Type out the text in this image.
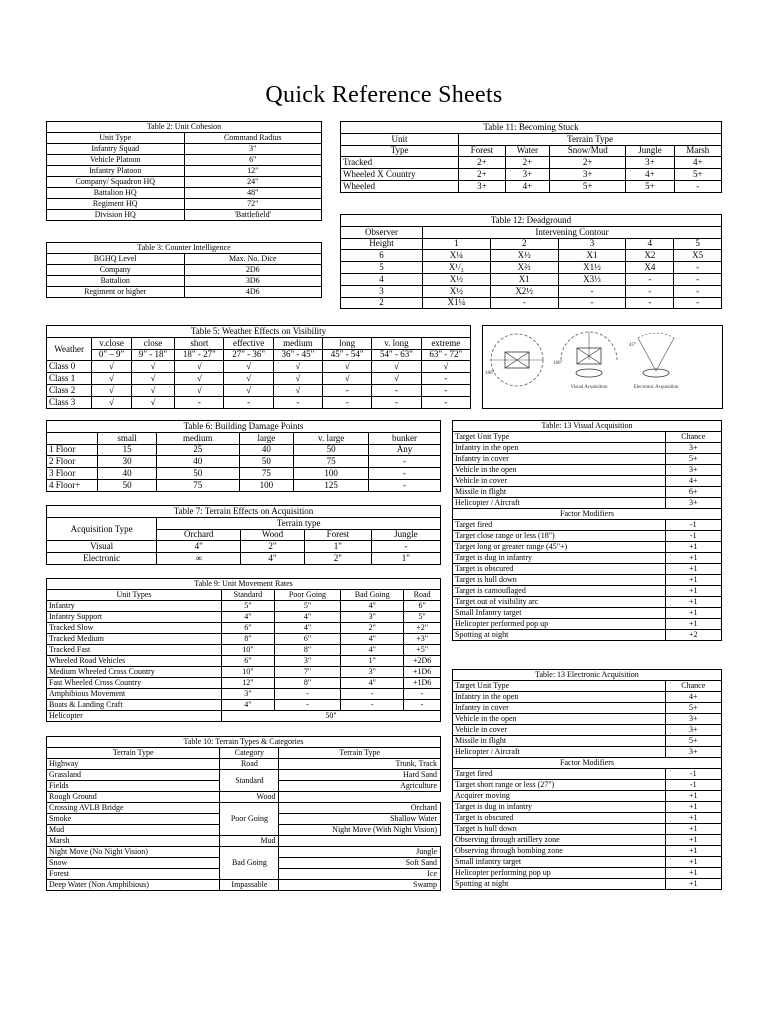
Quick Reference Sheets
Table 2: Unit Cohesion	
Unit Type	Command Radius
Infantry Squad	3"
Vehicle Platoon	6"
Infantry Platoon	12"
Company/ Squadron HQ	24"
Battalion HQ	48"
Regiment HQ	72"
Division HQ	'Battlefield'
Table 3: Counter Intelligence	
BGHQ Level	Max. No. Dice
Company	2D6
Battalion	3D6
Regiment or higher	4D6
Table 11: Becoming Stuck					
Unit	Terrain Type				
Type	Forest	Water	Snow/Mud	Jungle	Marsh
Tracked	2+	2+	2+	3+	4+
Wheeled X Country	2+	3+	3+	4+	5+
Wheeled	3+	4+	5+	5+	-
Table 12: Deadground					
Observer	Intervening Contour				
Height	1	2	3	4	5
6	X¼	X½	X1	X2	X5
5	X¹/₃	X⅔	X1½	X4	-
4	X½	X1	X3⅓	-	-
3	X½	X2½	-	-	-
2	X1¼	-	-	-	-
Table 5: Weather Effects on Visibility								
Weather	v.close	close	short	effective	medium	long	v. long	extreme
	0" – 9"	9" - 18"	18" - 27"	27" - 36"	36" - 45"	45" - 54"	54" - 63"	63" - 72"
Class 0	√	√	√	√	√	√	√	√
Class 1	√	√	√	√	√	√	√	-
Class 2	√	√	√	√	√	-	-	-
Class 3	√	√	-	-	-	-	-	-
180°
180°
Visual Acquisition
45°
Electronic Acquisition
Table 6: Building Damage Points					
	small	medium	large	v. large	bunker
1 Floor	15	25	40	50	Any
2 Floor	30	40	50	75	-
3 Floor	40	50	75	100	-
4 Floor+	50	75	100	125	-
Table 7: Terrain Effects on Acquisition				
Acquisition Type	Terrain type			
	Orchard	Wood	Forest	Jungle
Visual	4"	2"	1"	-
Electronic	∞	4"	2"	1"
Table 9: Unit Movement Rates				
Unit Types	Standard	Poor Going	Bad Going	Road
Infantry	5"	5"	4"	6"
Infantry Support	4"	4"	3"	5"
Tracked Slow	6"	4"	2"	+2"
Tracked Medium	8"	6"	4"	+3"
Tracked Fast	10"	8"	4"	+5"
Wheeled Road Vehicles	6"	3"	1"	+2D6
Medium Wheeled Cross Country	10"	7"	3"	+1D6
Fast Wheeled Cross Country	12"	8"	4"	+1D6
Amphibious Movement	3"	-	-	-
Boats & Landing Craft	4"	-	-	-
Helicopter	50"			
Table 10: Terrain Types & Categories		
Terrain Type	Category	Terrain Type
Highway	Road	Trunk, Track
Grassland	Standard	Hard Sand
Fields		Agriculture
Rough Ground	Wood	
Crossing AVLB Bridge	Poor Going	Orchard
Smoke		Shallow Water
Mud		Night Move (With Night Vision)
Marsh	Mud	
Night Move (No Night Vision)	Bad Going	Jungle
Snow		Soft Sand
Forest		Ice
Deep Water (Non Amphibious)	Impassable	Swamp
Table: 13 Visual Acquisition	
Target Unit Type	Chance
Infantry in the open	3+
Infantry in cover	5+
Vehicle in the open	3+
Vehicle in cover	4+
Missile in flight	6+
Helicopter / Aircraft	3+
Factor Modifiers	
Target fired	-1
Target close range or less (18")	-1
Target long or greater range (45"+)	+1
Target is dug in infantry	+1
Target is obscured	+1
Target is hull down	+1
Target is camouflaged	+1
Target out of visibility arc	+1
Small Infantry target	+1
Helicopter performed pop up	+1
Spotting at night	+2
Table: 13 Electronic Acquisition	
Target Unit Type	Chance
Infantry in the open	4+
Infantry in cover	5+
Vehicle in the open	3+
Vehicle in cover	3+
Missile in flight	5+
Helicopter / Aircraft	3+
Factor Modifiers	
Target fired	-1
Target short range or less (27")	-1
Acquirer moving	+1
Target is dug in infantry	+1
Target is obscured	+1
Target is hull down	+1
Observing through artillery zone	+1
Observing through bombing zone	+1
Small infantry target	+1
Helicopter performing pop up	+1
Spotting at night	+1
